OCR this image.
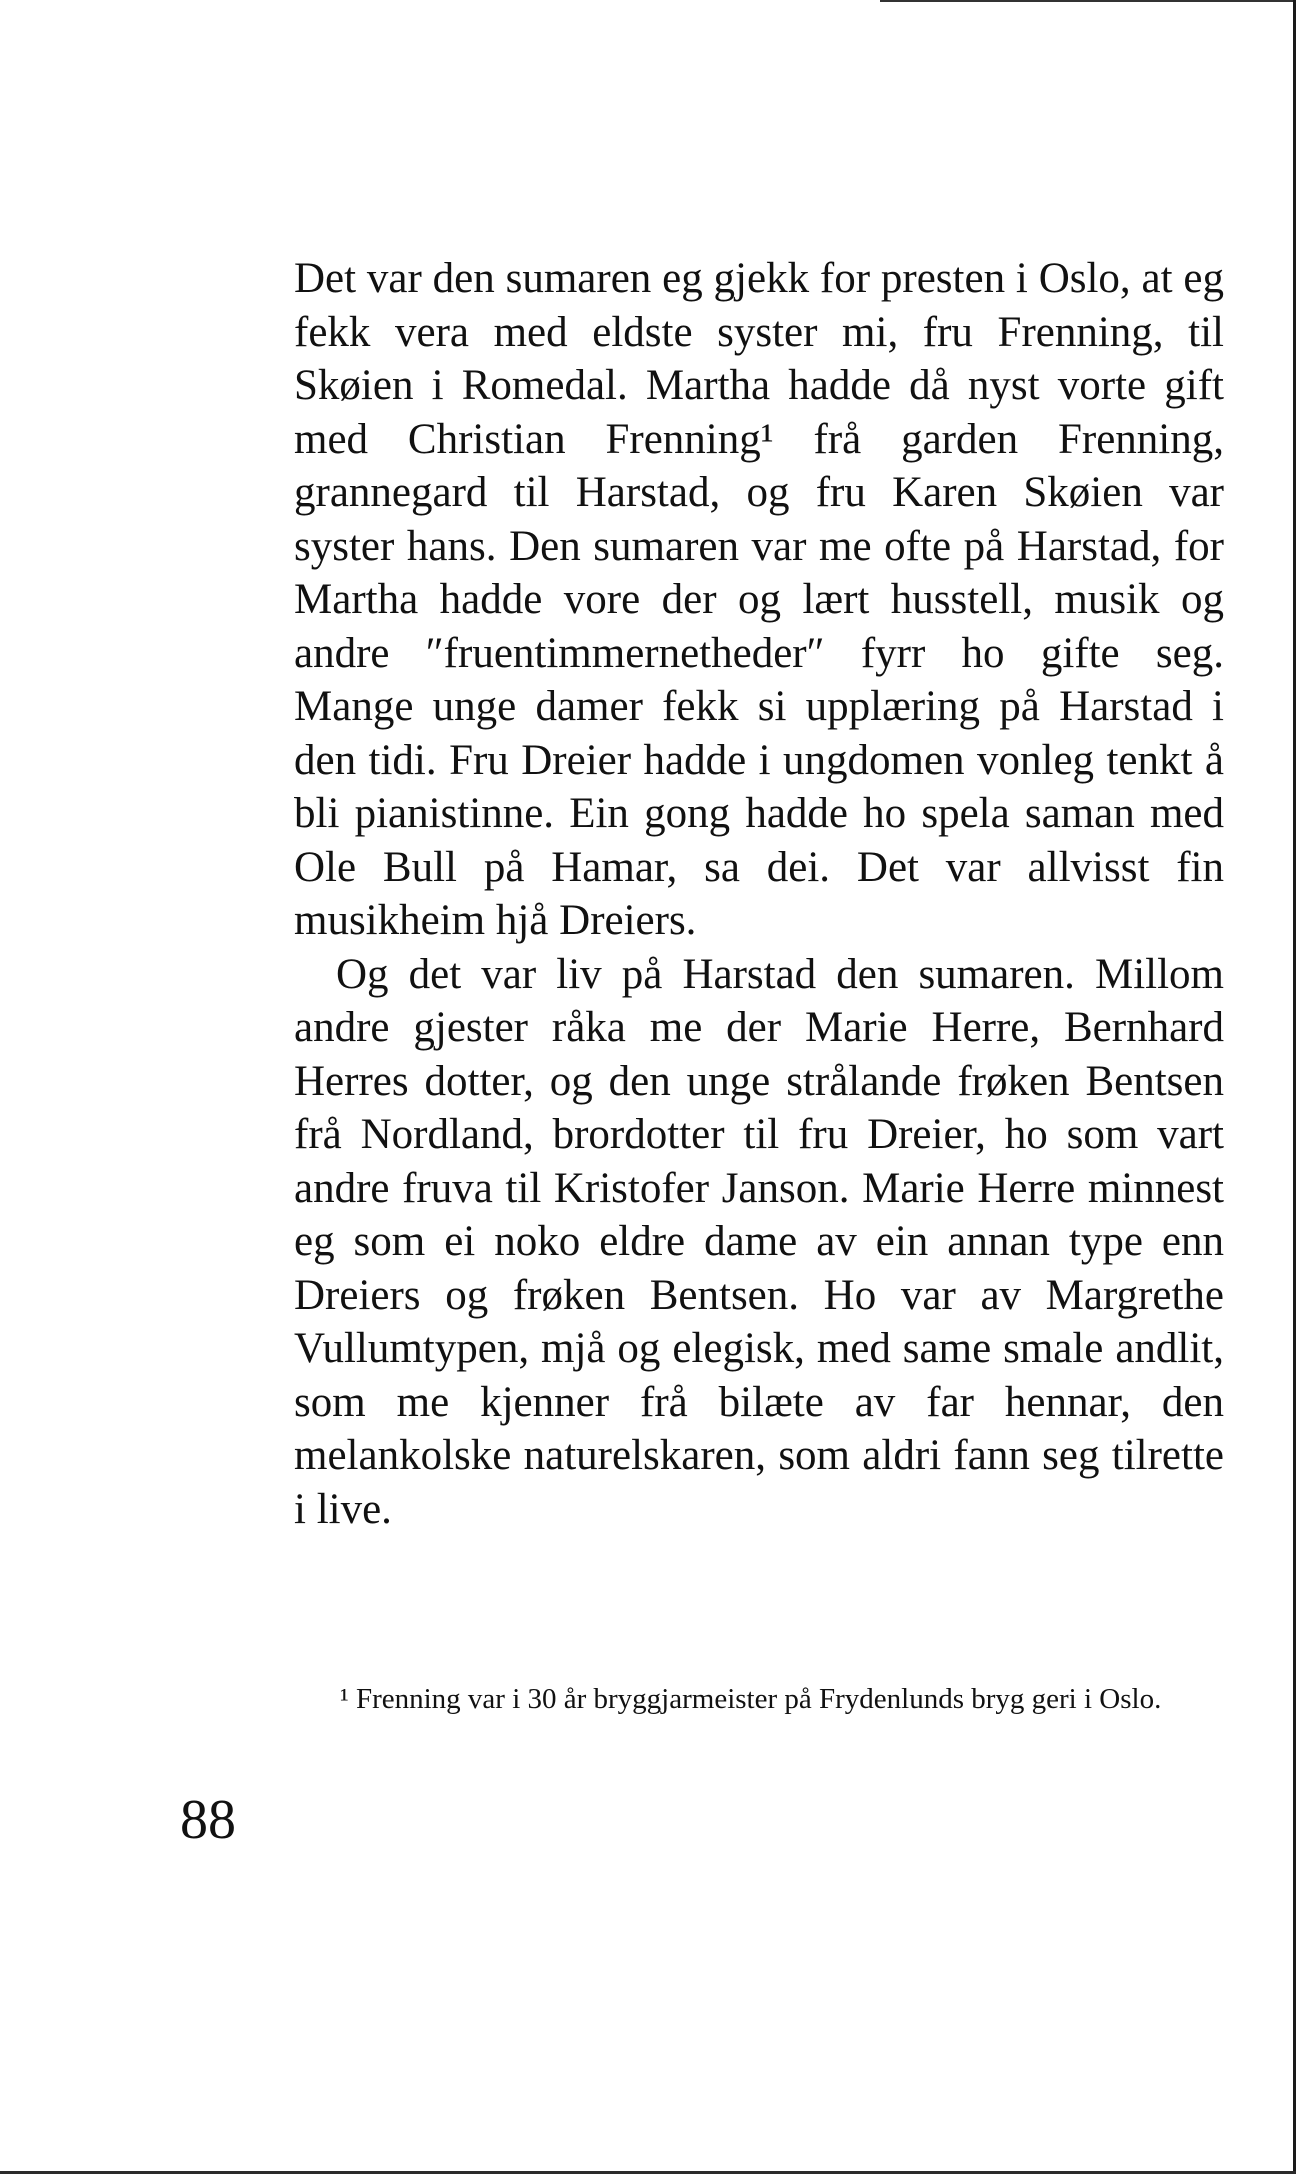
Det var den sumaren eg gjekk for presten i Oslo, at eg fekk vera med eldste syster mi, fru Frenning, til Skøien i Romedal. Martha hadde då nyst vorte gift med Christian Frenning¹ frå garden Frenning, grannegard til Harstad, og fru Karen Skøien var syster hans. Den sumaren var me ofte på Harstad, for Martha hadde vore der og lært husstell, musik og andre ″fruentimmernetheder″ fyrr ho gifte seg. Mange unge damer fekk si upplæring på Harstad i den tidi. Fru Dreier hadde i ungdomen vonleg tenkt å bli pianistinne. Ein gong hadde ho spela saman med Ole Bull på Hamar, sa dei. Det var allvisst fin musikheim hjå Dreiers.

Og det var liv på Harstad den sumaren. Millom andre gjester råka me der Marie Herre, Bernhard Herres dotter, og den unge strålande frøken Bentsen frå Nordland, brordotter til fru Dreier, ho som vart andre fruva til Kristofer Janson. Marie Herre minnest eg som ei noko eldre dame av ein annan type enn Dreiers og frøken Bentsen. Ho var av Margrethe Vullumtypen, mjå og elegisk, med same smale andlit, som me kjenner frå bilæte av far hennar, den melankolske naturelskaren, som aldri fann seg tilrette i live.

¹ Frenning var i 30 år bryggjarmeister på Frydenlunds bryg geri i Oslo.
88
